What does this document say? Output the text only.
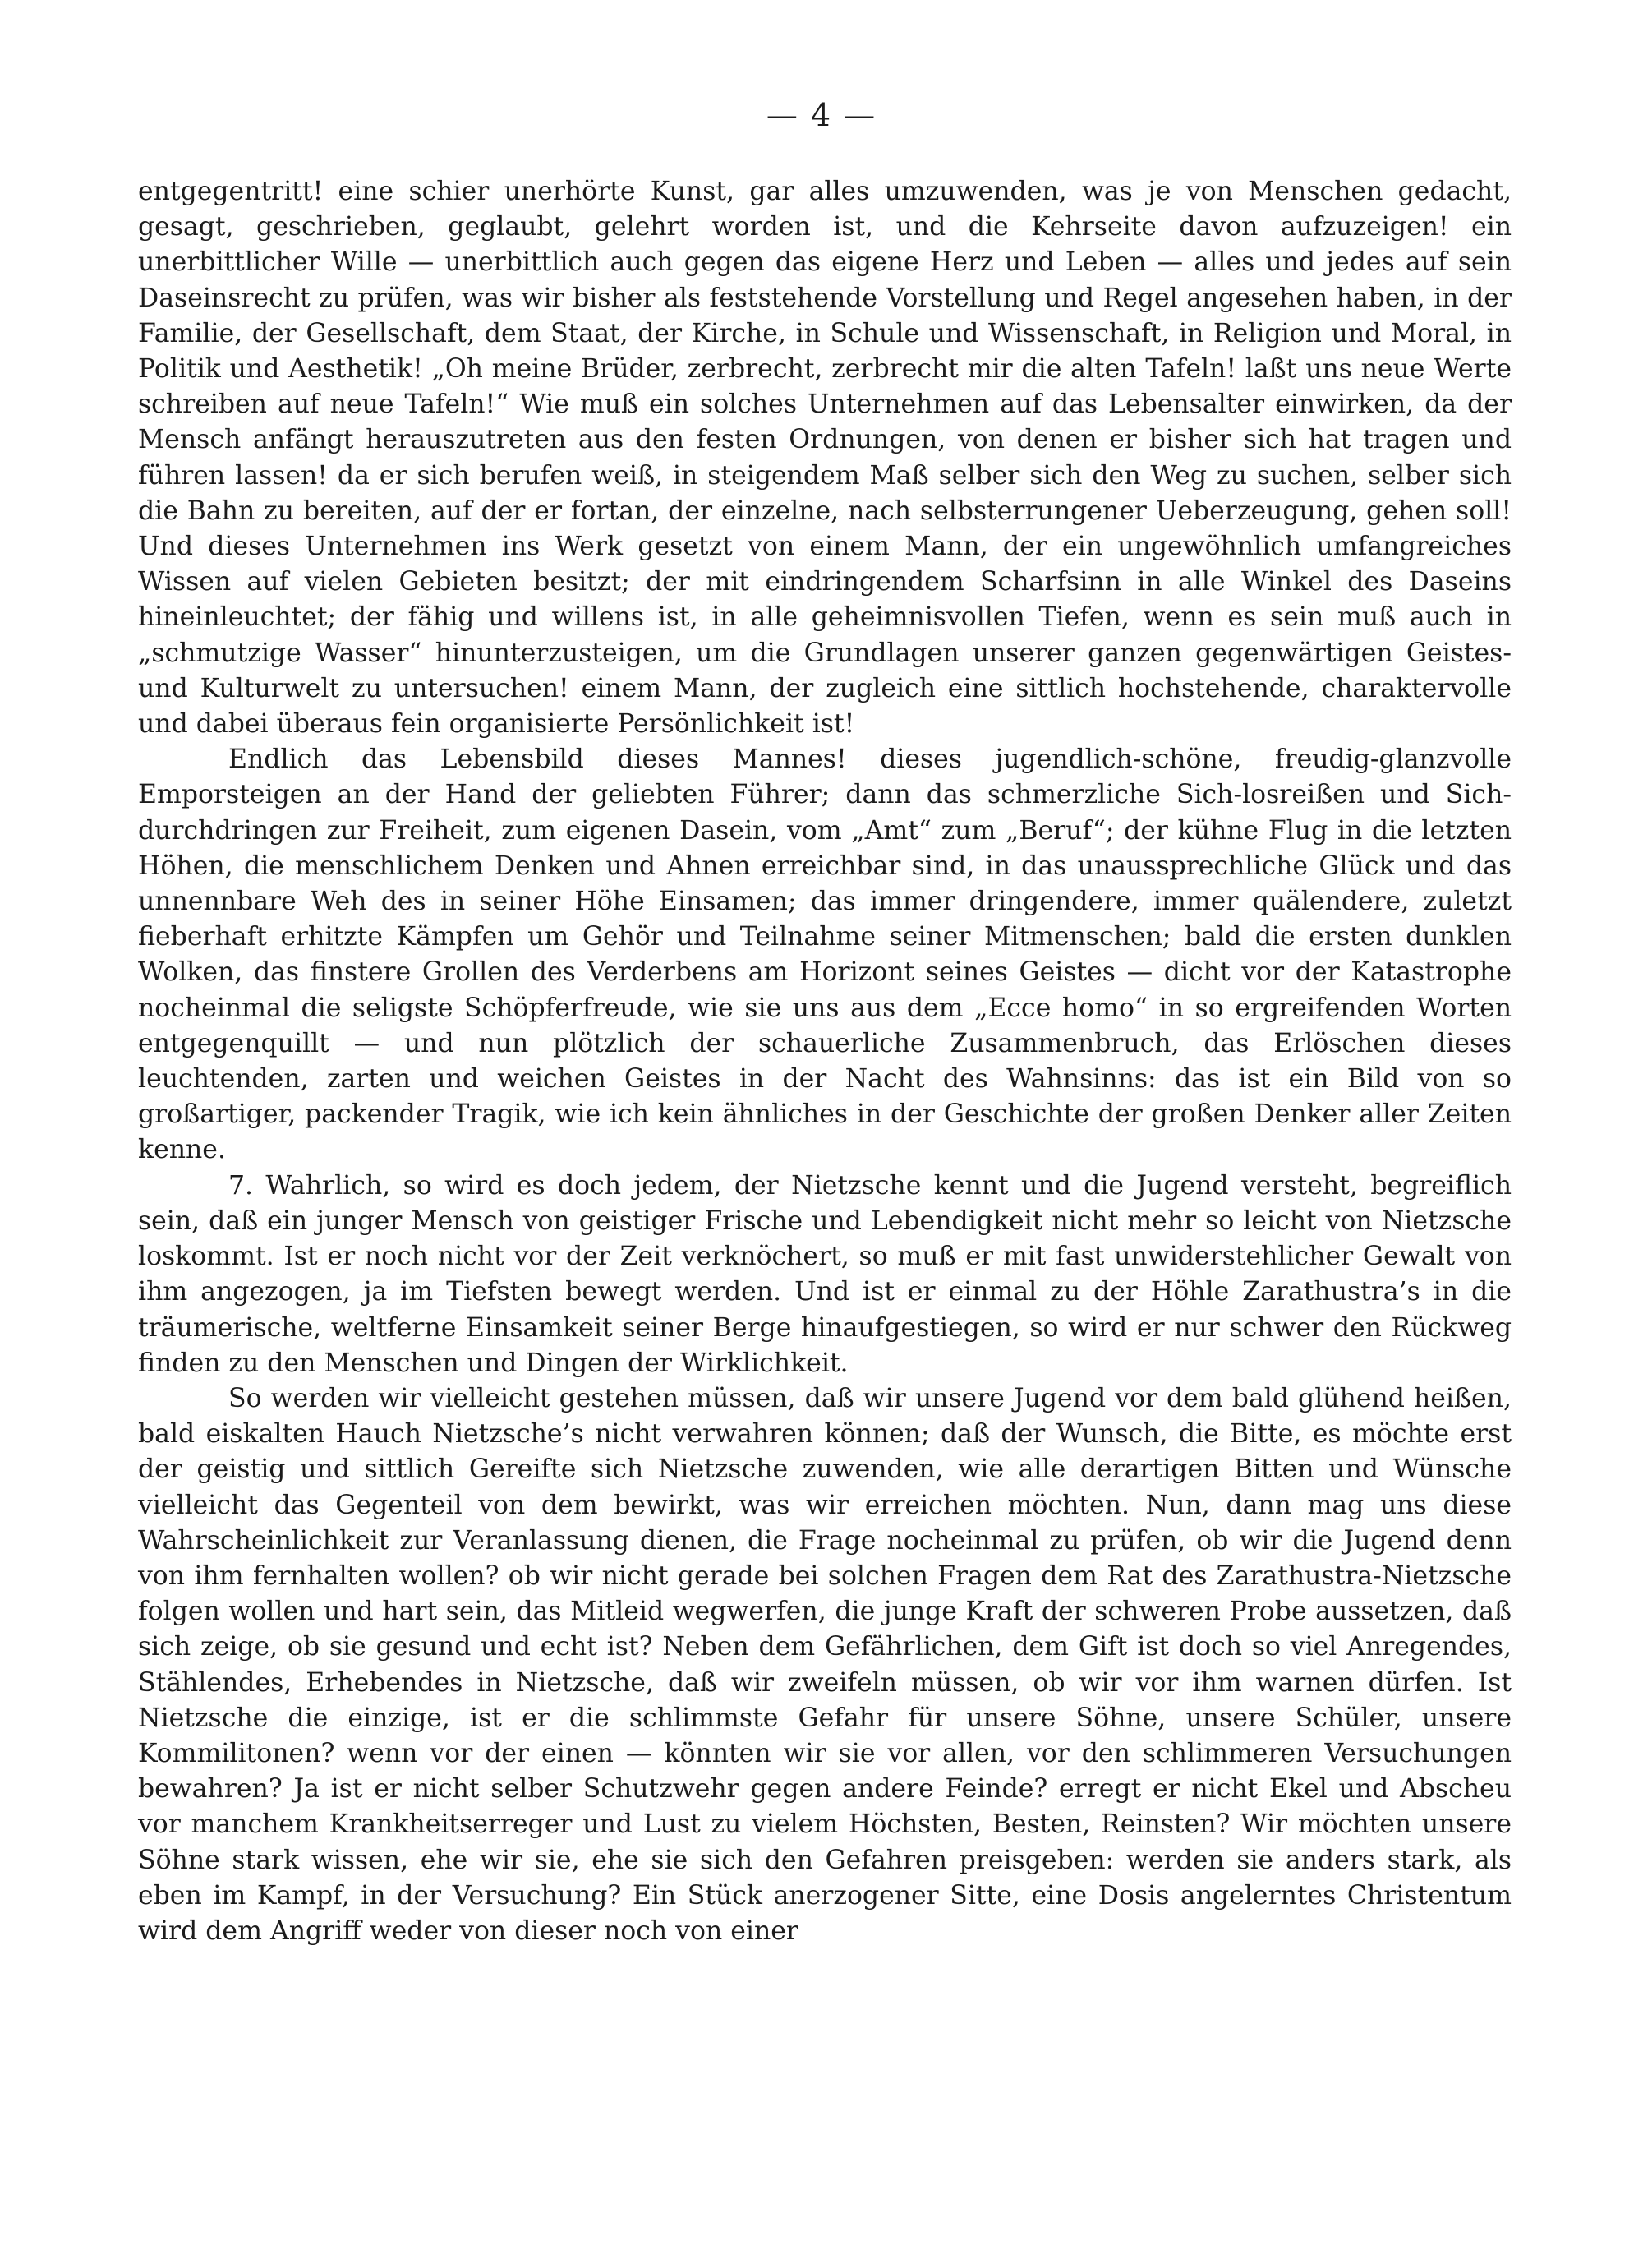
— 4 —

entgegentritt! eine schier unerhörte Kunst, gar alles umzuwenden, was je von Menschen gedacht, gesagt, geschrieben, geglaubt, gelehrt worden ist, und die Kehrseite davon aufzuzeigen! ein unerbittlicher Wille — unerbittlich auch gegen das eigene Herz und Leben — alles und jedes auf sein Daseinsrecht zu prüfen, was wir bisher als feststehende Vorstellung und Regel angesehen haben, in der Familie, der Gesellschaft, dem Staat, der Kirche, in Schule und Wissenschaft, in Religion und Moral, in Politik und Aesthetik! „Oh meine Brüder, zerbrecht, zerbrecht mir die alten Tafeln! laßt uns neue Werte schreiben auf neue Tafeln!“ Wie muß ein solches Unternehmen auf das Lebensalter einwirken, da der Mensch anfängt herauszutreten aus den festen Ordnungen, von denen er bisher sich hat tragen und führen lassen! da er sich berufen weiß, in steigendem Maß selber sich den Weg zu suchen, selber sich die Bahn zu bereiten, auf der er fortan, der einzelne, nach selbsterrungener Ueberzeugung, gehen soll! Und dieses Unternehmen ins Werk gesetzt von einem Mann, der ein ungewöhnlich umfangreiches Wissen auf vielen Gebieten besitzt; der mit eindringendem Scharfsinn in alle Winkel des Daseins hineinleuchtet; der fähig und willens ist, in alle geheimnisvollen Tiefen, wenn es sein muß auch in „schmutzige Wasser“ hinunterzusteigen, um die Grundlagen unserer ganzen gegenwärtigen Geistes- und Kulturwelt zu untersuchen! einem Mann, der zugleich eine sittlich hochstehende, charaktervolle und dabei überaus fein organisierte Persönlichkeit ist!

Endlich das Lebensbild dieses Mannes! dieses jugendlich-schöne, freudig-glanzvolle Emporsteigen an der Hand der geliebten Führer; dann das schmerzliche Sich-losreißen und Sich-durchdringen zur Freiheit, zum eigenen Dasein, vom „Amt“ zum „Beruf“; der kühne Flug in die letzten Höhen, die menschlichem Denken und Ahnen erreichbar sind, in das unaussprechliche Glück und das unnennbare Weh des in seiner Höhe Einsamen; das immer dringendere, immer quälendere, zuletzt fieberhaft erhitzte Kämpfen um Gehör und Teilnahme seiner Mitmenschen; bald die ersten dunklen Wolken, das finstere Grollen des Verderbens am Horizont seines Geistes — dicht vor der Katastrophe nocheinmal die seligste Schöpferfreude, wie sie uns aus dem „Ecce homo“ in so ergreifenden Worten entgegenquillt — und nun plötzlich der schauerliche Zusammenbruch, das Erlöschen dieses leuchtenden, zarten und weichen Geistes in der Nacht des Wahnsinns: das ist ein Bild von so großartiger, packender Tragik, wie ich kein ähnliches in der Geschichte der großen Denker aller Zeiten kenne.

7. Wahrlich, so wird es doch jedem, der Nietzsche kennt und die Jugend versteht, begreiflich sein, daß ein junger Mensch von geistiger Frische und Lebendigkeit nicht mehr so leicht von Nietzsche loskommt. Ist er noch nicht vor der Zeit verknöchert, so muß er mit fast unwiderstehlicher Gewalt von ihm angezogen, ja im Tiefsten bewegt werden. Und ist er einmal zu der Höhle Zarathustra’s in die träumerische, weltferne Einsamkeit seiner Berge hinaufgestiegen, so wird er nur schwer den Rückweg finden zu den Menschen und Dingen der Wirklichkeit.

So werden wir vielleicht gestehen müssen, daß wir unsere Jugend vor dem bald glühend heißen, bald eiskalten Hauch Nietzsche’s nicht verwahren können; daß der Wunsch, die Bitte, es möchte erst der geistig und sittlich Gereifte sich Nietzsche zuwenden, wie alle derartigen Bitten und Wünsche vielleicht das Gegenteil von dem bewirkt, was wir erreichen möchten. Nun, dann mag uns diese Wahrscheinlichkeit zur Veranlassung dienen, die Frage nocheinmal zu prüfen, ob wir die Jugend denn von ihm fernhalten wollen? ob wir nicht gerade bei solchen Fragen dem Rat des Zarathustra-Nietzsche folgen wollen und hart sein, das Mitleid wegwerfen, die junge Kraft der schweren Probe aussetzen, daß sich zeige, ob sie gesund und echt ist? Neben dem Gefährlichen, dem Gift ist doch so viel Anregendes, Stählendes, Erhebendes in Nietzsche, daß wir zweifeln müssen, ob wir vor ihm warnen dürfen. Ist Nietzsche die einzige, ist er die schlimmste Gefahr für unsere Söhne, unsere Schüler, unsere Kommilitonen? wenn vor der einen — könnten wir sie vor allen, vor den schlimmeren Versuchungen bewahren? Ja ist er nicht selber Schutzwehr gegen andere Feinde? erregt er nicht Ekel und Abscheu vor manchem Krankheitserreger und Lust zu vielem Höchsten, Besten, Reinsten? Wir möchten unsere Söhne stark wissen, ehe wir sie, ehe sie sich den Gefahren preisgeben: werden sie anders stark, als eben im Kampf, in der Versuchung? Ein Stück anerzogener Sitte, eine Dosis angelerntes Christentum wird dem Angriff weder von dieser noch von einer
